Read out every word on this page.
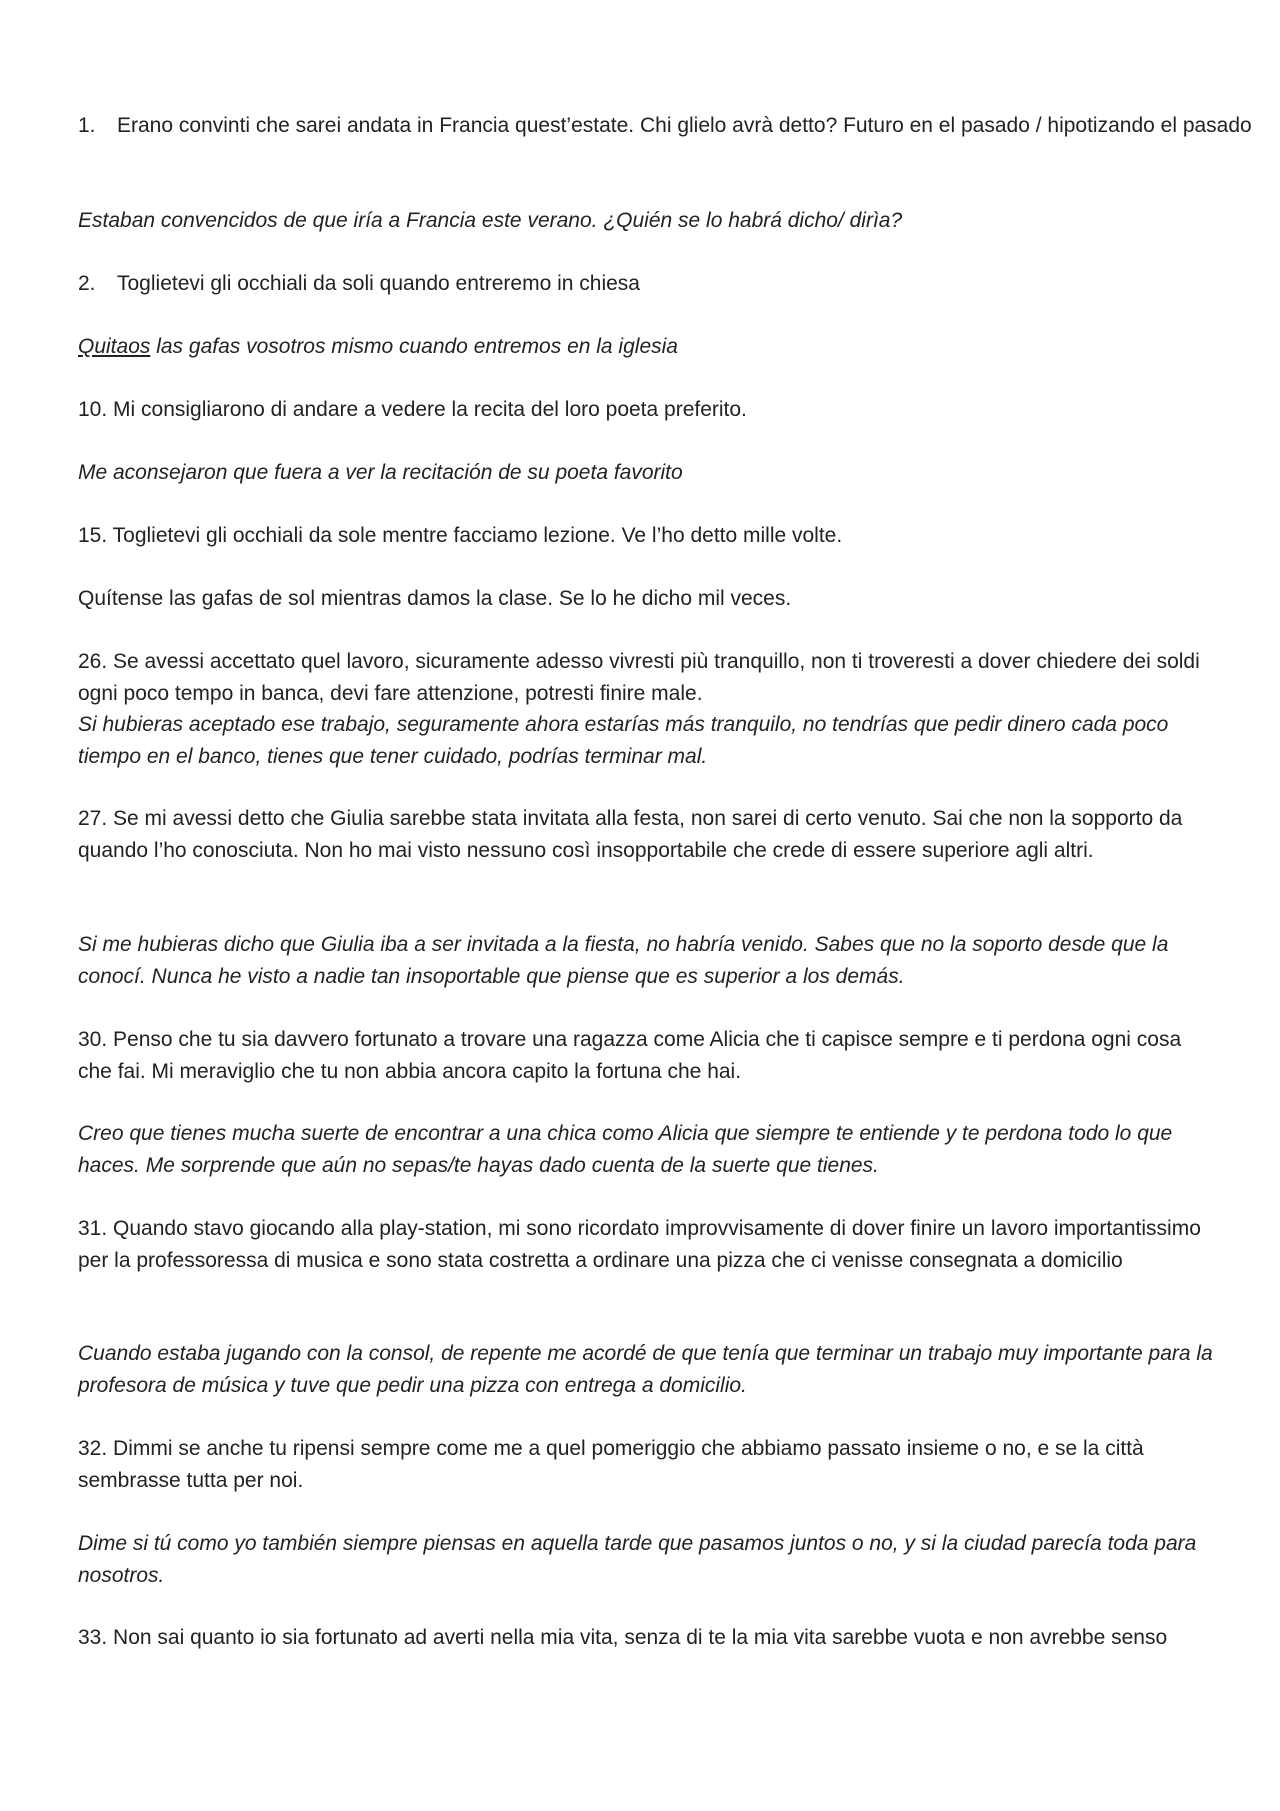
1. Erano convinti che sarei andata in Francia quest’estate. Chi glielo avrà detto? Futuro en el pasado / hipotizando el pasado

Estaban convencidos de que iría a Francia este verano. ¿Quién se lo habrá dicho/ dirìa?

2. Toglietevi gli occhiali da soli quando entreremo in chiesa

Quitaos las gafas vosotros mismo cuando entremos en la iglesia

10. Mi consigliarono di andare a vedere la recita del loro poeta preferito.

Me aconsejaron que fuera a ver la recitación de su poeta favorito

15. Toglietevi gli occhiali da sole mentre facciamo lezione. Ve l’ho detto mille volte.

Quítense las gafas de sol mientras damos la clase. Se lo he dicho mil veces.

26. Se avessi accettato quel lavoro, sicuramente adesso vivresti più tranquillo, non ti troveresti a dover chiedere dei soldi ogni poco tempo in banca, devi fare attenzione, potresti finire male.

Si hubieras aceptado ese trabajo, seguramente ahora estarías más tranquilo, no tendrías que pedir dinero cada poco tiempo en el banco, tienes que tener cuidado, podrías terminar mal.

27. Se mi avessi detto che Giulia sarebbe stata invitata alla festa, non sarei di certo venuto. Sai che non la sopporto da quando l’ho conosciuta. Non ho mai visto nessuno così insopportabile che crede di essere superiore agli altri.

Si me hubieras dicho que Giulia iba a ser invitada a la fiesta, no habría venido. Sabes que no la soporto desde que la conocí. Nunca he visto a nadie tan insoportable que piense que es superior a los demás.

30. Penso che tu sia davvero fortunato a trovare una ragazza come Alicia che ti capisce sempre e ti perdona ogni cosa che fai. Mi meraviglio che tu non abbia ancora capito la fortuna che hai.

Creo que tienes mucha suerte de encontrar a una chica como Alicia que siempre te entiende y te perdona todo lo que haces. Me sorprende que aún no sepas/te hayas dado cuenta de la suerte que tienes.

31. Quando stavo giocando alla play-station, mi sono ricordato improvvisamente di dover finire un lavoro importantissimo per la professoressa di musica e sono stata costretta a ordinare una pizza che ci venisse consegnata a domicilio

Cuando estaba jugando con la consol, de repente me acordé de que tenía que terminar un trabajo muy importante para la profesora de música y tuve que pedir una pizza con entrega a domicilio.

32. Dimmi se anche tu ripensi sempre come me a quel pomeriggio che abbiamo passato insieme o no, e se la città sembrasse tutta per noi.

Dime si tú como yo también siempre piensas en aquella tarde que pasamos juntos o no, y si la ciudad parecía toda para nosotros.

33. Non sai quanto io sia fortunato ad averti nella mia vita, senza di te la mia vita sarebbe vuota e non avrebbe senso
